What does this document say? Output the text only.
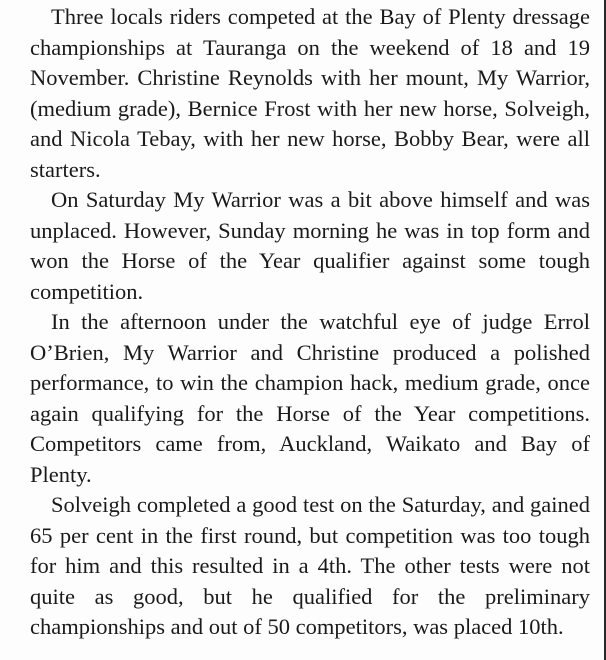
Three locals riders competed at the Bay of Plenty dressage championships at Tauranga on the weekend of 18 and 19 November. Christine Reynolds with her mount, My Warrior, (medium grade), Bernice Frost with her new horse, Solveigh, and Nicola Tebay, with her new horse, Bobby Bear, were all starters.

On Saturday My Warrior was a bit above himself and was unplaced. However, Sunday morning he was in top form and won the Horse of the Year qualifier against some tough competition.

In the afternoon under the watchful eye of judge Errol O’Brien, My Warrior and Christine produced a polished performance, to win the champion hack, medium grade, once again qualifying for the Horse of the Year competitions. Competitors came from, Auckland, Waikato and Bay of Plenty.

Solveigh completed a good test on the Saturday, and gained 65 per cent in the first round, but competition was too tough for him and this resulted in a 4th. The other tests were not quite as good, but he qualified for the preliminary championships and out of 50 competitors, was placed 10th.
